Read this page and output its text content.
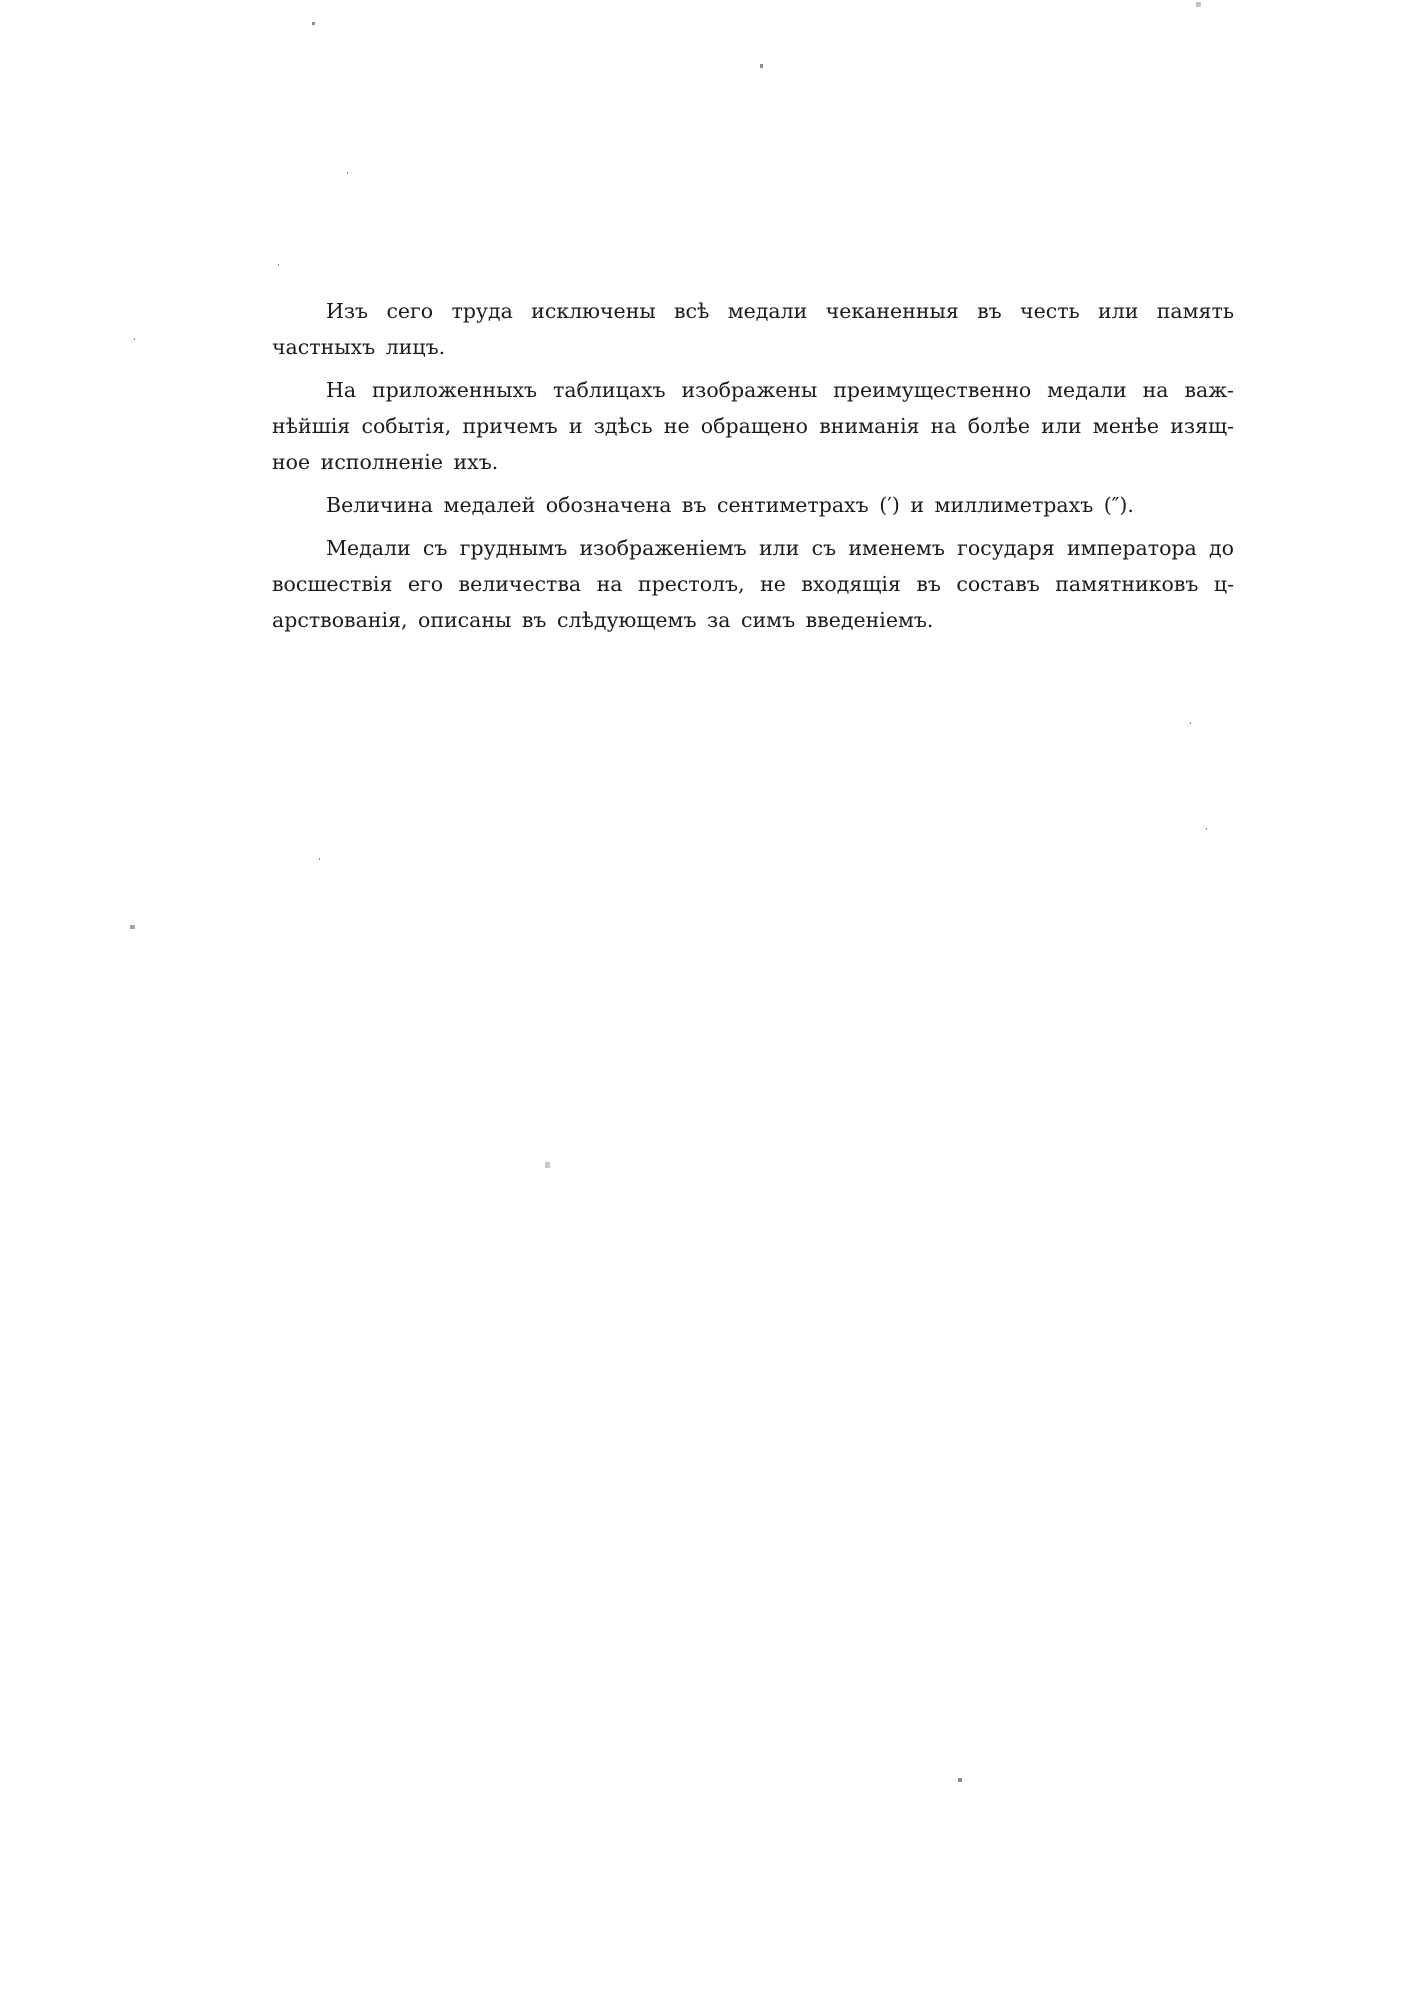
Изъ сего труда исключены всѣ медали чеканенныя въ честь или память
частныхъ лицъ.

На приложенныхъ таблицахъ изображены преимущественно медали на важ-
нѣйшія событія, причемъ и здѣсь не обращено вниманія на болѣе или менѣе изящ-
ное исполненіе ихъ.

Величина медалей обозначена въ сентиметрахъ (′) и миллиметрахъ (″).

Медали съ груднымъ изображеніемъ или съ именемъ государя императора до
восшествія его величества на престолъ, не входящія въ составъ памятниковъ ц-
арствованія, описаны въ слѣдующемъ за симъ введеніемъ.
